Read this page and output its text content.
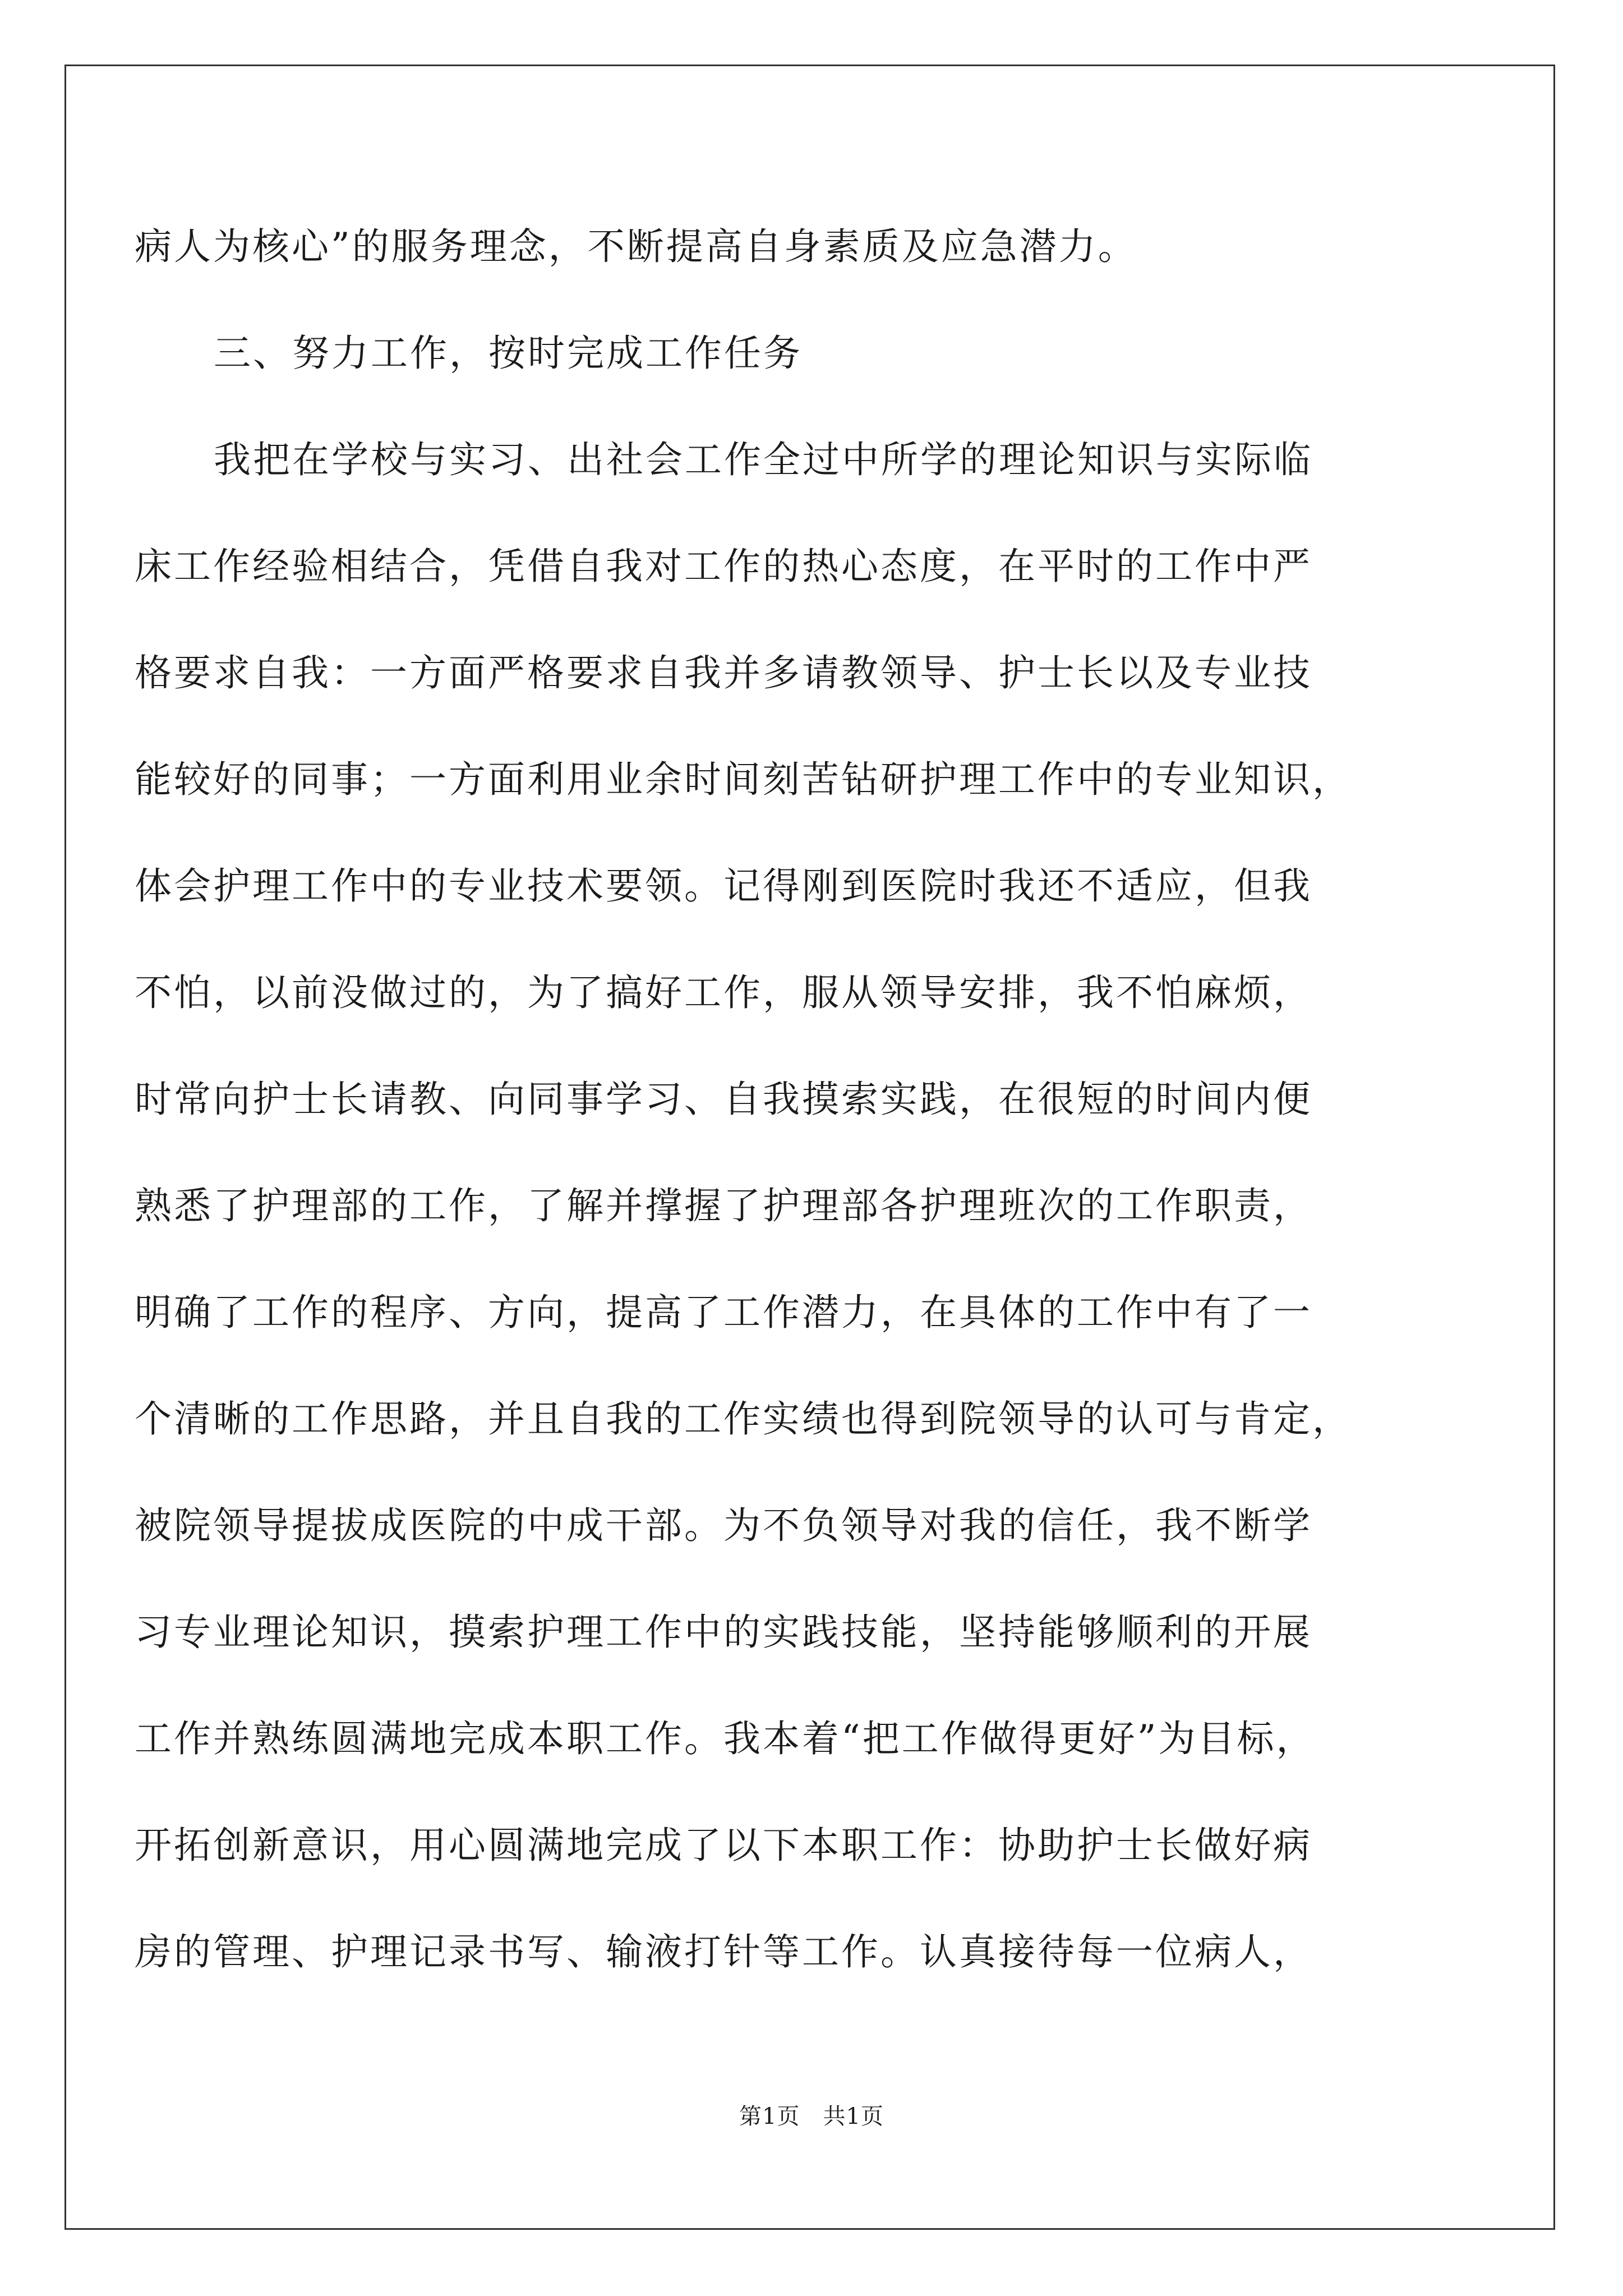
病人为核心”的服务理念，不断提高自身素质及应急潜力。
三、努力工作，按时完成工作任务
我把在学校与实习、出社会工作全过中所学的理论知识与实际临
床工作经验相结合，凭借自我对工作的热心态度，在平时的工作中严
格要求自我：一方面严格要求自我并多请教领导、护士长以及专业技
能较好的同事；一方面利用业余时间刻苦钻研护理工作中的专业知识，
体会护理工作中的专业技术要领。记得刚到医院时我还不适应，但我
不怕，以前没做过的，为了搞好工作，服从领导安排，我不怕麻烦，
时常向护士长请教、向同事学习、自我摸索实践，在很短的时间内便
熟悉了护理部的工作，了解并撑握了护理部各护理班次的工作职责，
明确了工作的程序、方向，提高了工作潜力，在具体的工作中有了一
个清晰的工作思路，并且自我的工作实绩也得到院领导的认可与肯定，
被院领导提拔成医院的中成干部。为不负领导对我的信任，我不断学
习专业理论知识，摸索护理工作中的实践技能，坚持能够顺利的开展
工作并熟练圆满地完成本职工作。我本着“把工作做得更好”为目标，
开拓创新意识，用心圆满地完成了以下本职工作：协助护士长做好病
房的管理、护理记录书写、输液打针等工作。认真接待每一位病人，
第1页　共1页
